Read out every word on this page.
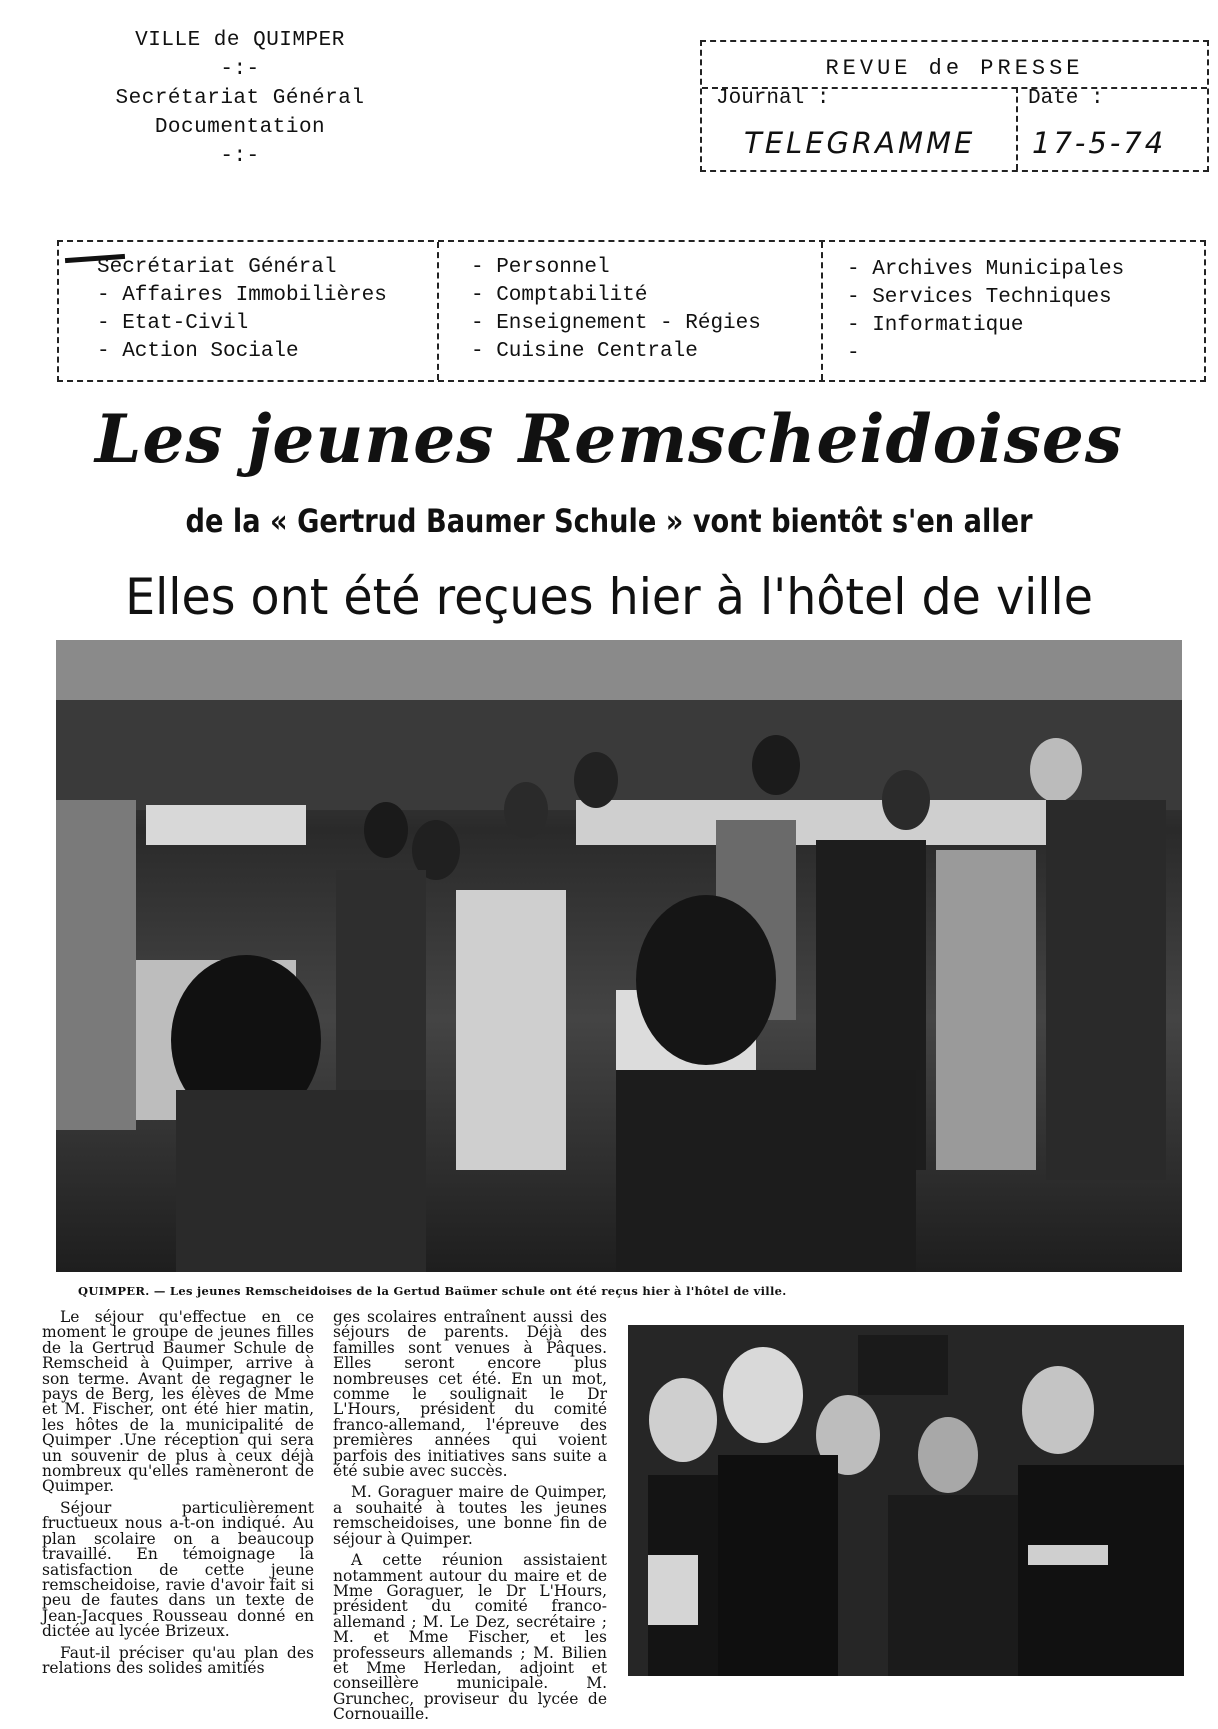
VILLE de QUIMPER
-:-
Secrétariat Général
Documentation
-:-
REVUE de PRESSE
Journal :	Date :
TELEGRAMME 17-5-74
Secrétariat Général
- Affaires Immobilières
- Etat-Civil
- Action Sociale
- Personnel
- Comptabilité
- Enseignement - Régies
- Cuisine Centrale
- Archives Municipales
- Services Techniques
- Informatique
-
Les jeunes Remscheidoises
de la « Gertrud Baumer Schule » vont bientôt s'en aller
Elles ont été reçues hier à l'hôtel de ville
QUIMPER. — Les jeunes Remscheidoises de la Gertud Baümer schule ont été reçus hier à l'hôtel de ville.

Le séjour qu'effectue en ce moment le groupe de jeunes filles de la Gertrud Baumer Schule de Remscheid à Quimper, arrive à son terme. Avant de regagner le pays de Berg, les élèves de Mme et M. Fischer, ont été hier matin, les hôtes de la municipalité de Quimper .Une réception qui sera un souvenir de plus à ceux déjà nombreux qu'elles ramèneront de Quimper.

Séjour particulièrement fructueux nous a-t-on indiqué. Au plan scolaire on a beaucoup travaillé. En témoignage la satisfaction de cette jeune remscheidoise, ravie d'avoir fait si peu de fautes dans un texte de Jean-Jacques Rousseau donné en dictée au lycée Brizeux.

Faut-il préciser qu'au plan des relations des solides amitiés

ges scolaires entraînent aussi des séjours de parents. Déjà des familles sont venues à Pâques. Elles seront encore plus nombreuses cet été. En un mot, comme le soulignait le Dr L'Hours, président du comité franco-allemand, l'épreuve des premières années qui voient parfois des initiatives sans suite a été subie avec succès.

M. Goraguer maire de Quimper, a souhaité à toutes les jeunes remscheidoises, une bonne fin de séjour à Quimper.

A cette réunion assistaient notamment autour du maire et de Mme Goraguer, le Dr L'Hours, président du comité franco-allemand ; M. Le Dez, secrétaire ; M. et Mme Fischer, et les professeurs allemands ; M. Bilien et Mme Herledan, adjoint et conseillère municipale. M. Grunchec, proviseur du lycée de Cornouaille.
